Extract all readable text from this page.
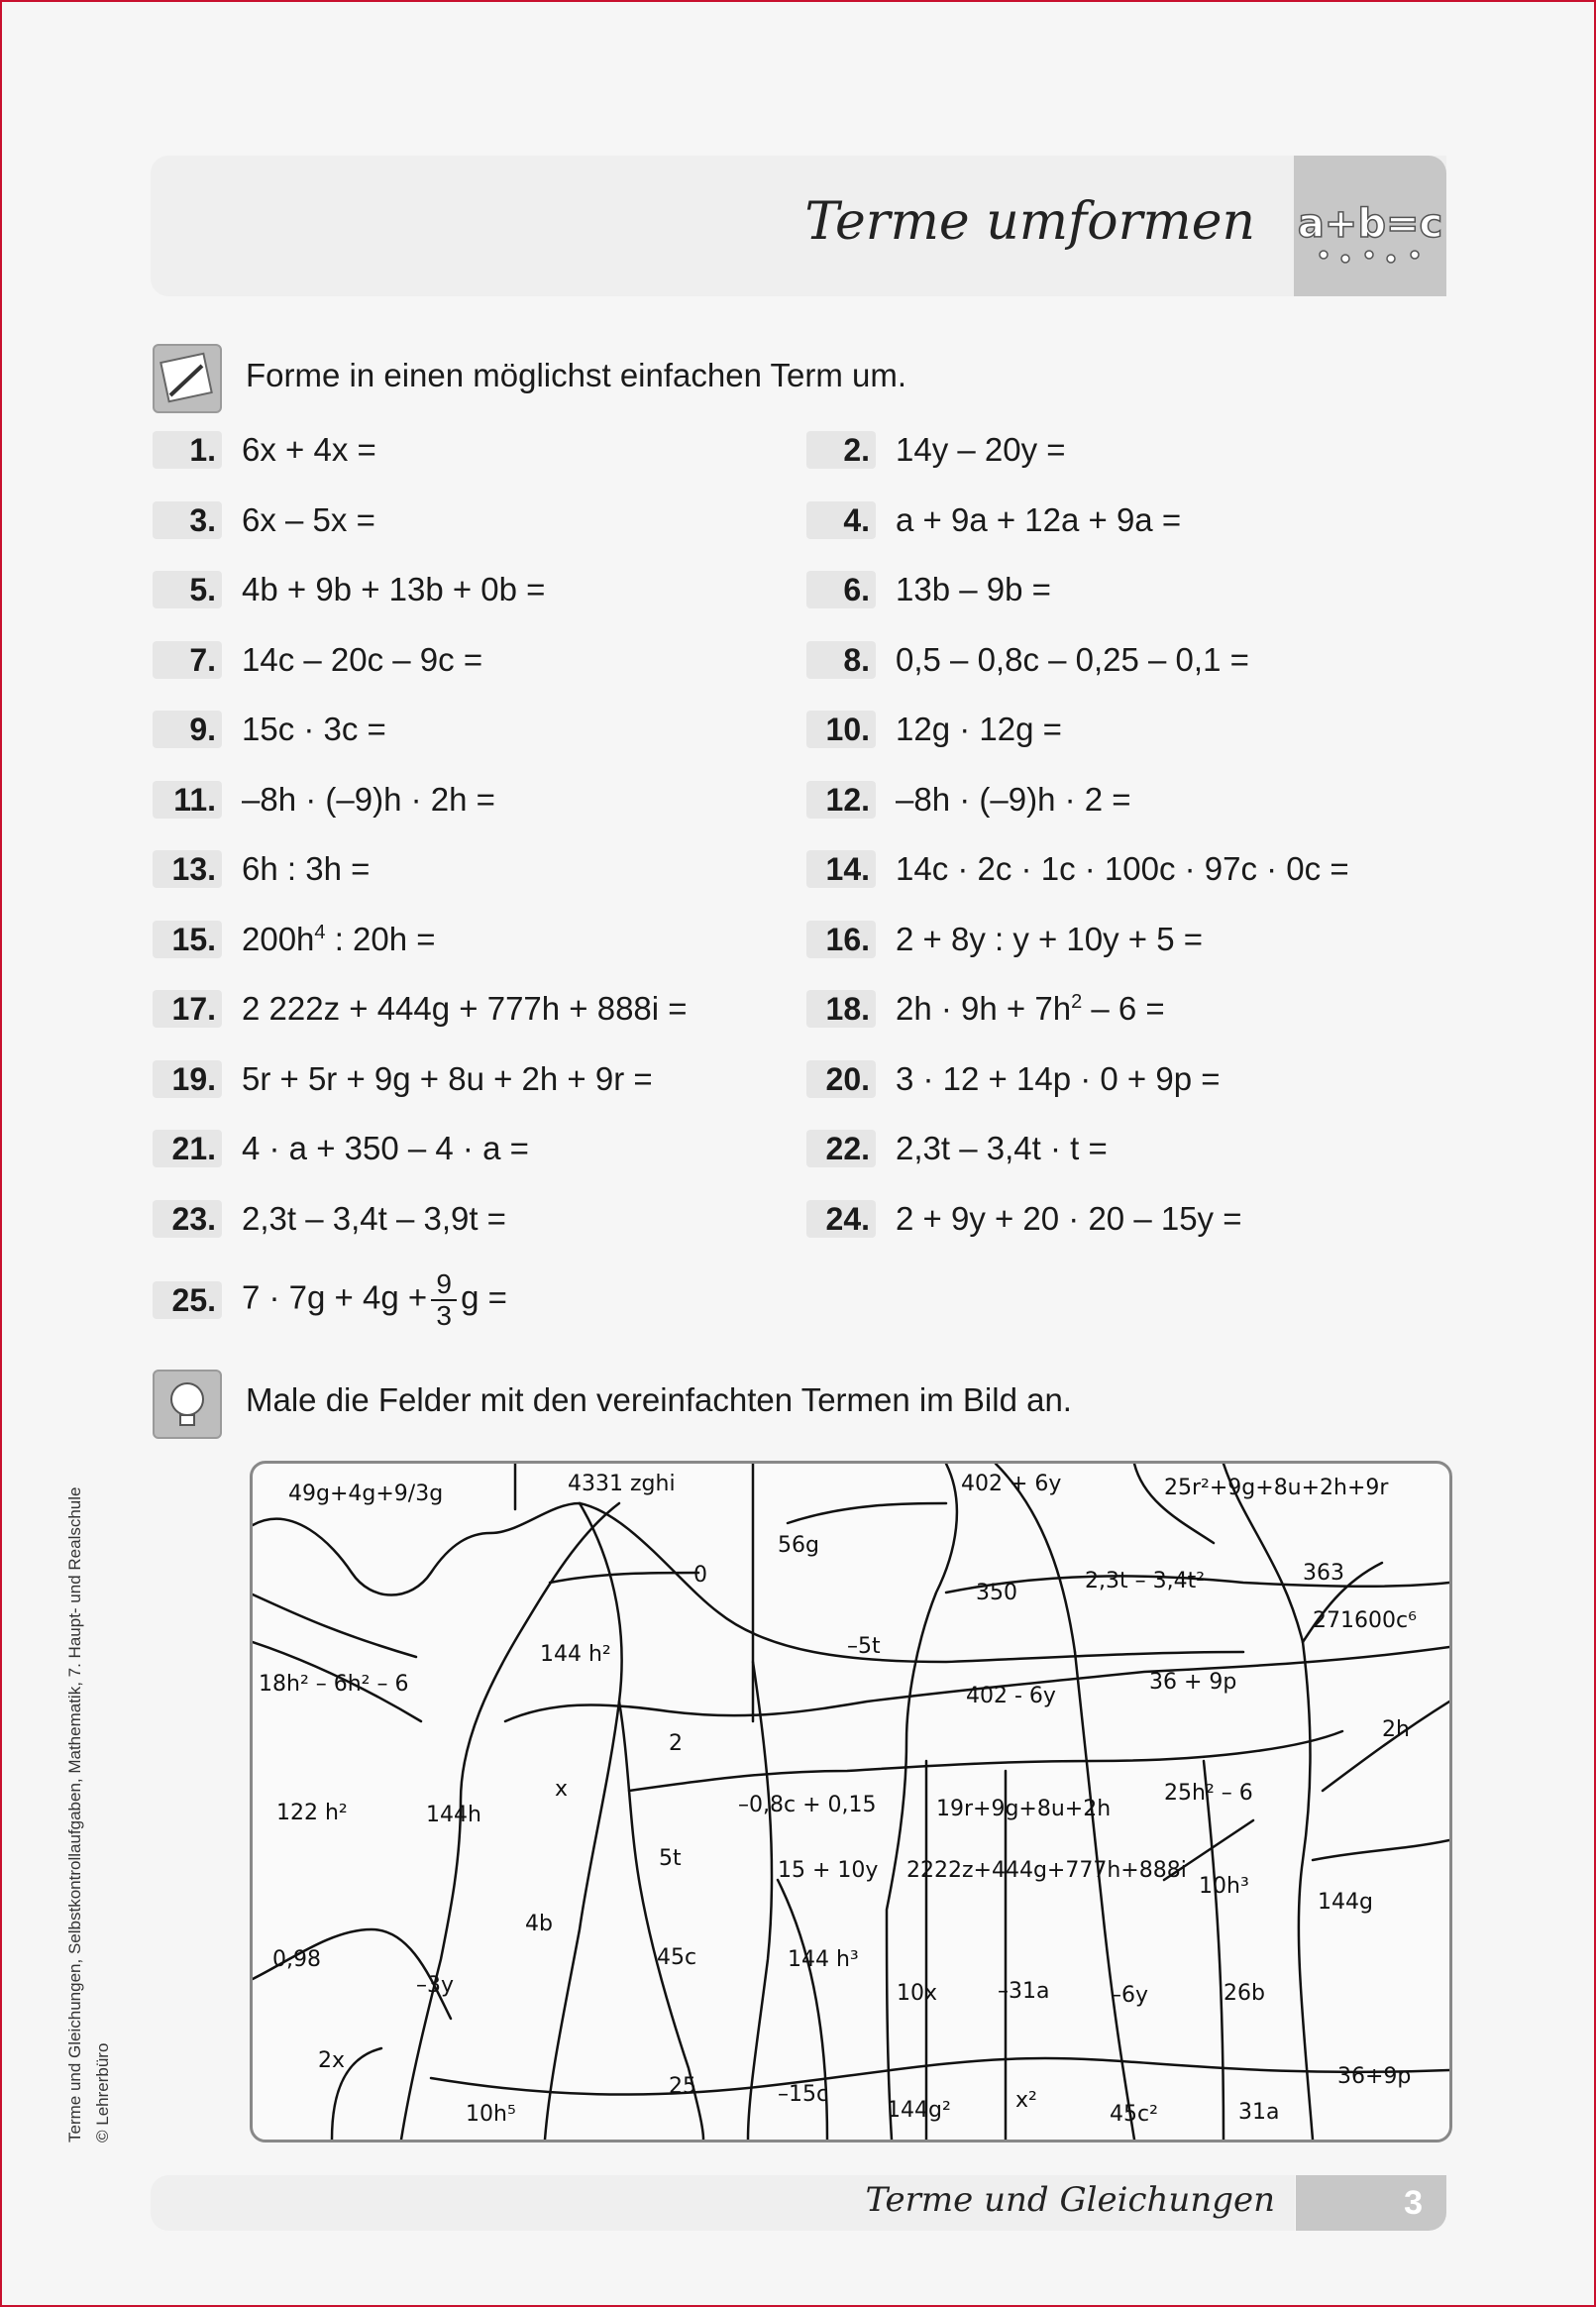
Terme umformen a+b=c
Forme in einen möglichst einfachen Term um.
1. 6x + 4x =	2. 14y – 20y =
3. 6x – 5x =	4. a + 9a + 12a + 9a =
5. 4b + 9b + 13b + 0b =	6. 13b – 9b =
7. 14c – 20c – 9c =	8. 0,5 – 0,8c – 0,25 – 0,1 =
9. 15c · 3c =	10. 12g · 12g =
11. –8h · (–9)h · 2h =	12. –8h · (–9)h · 2 =
13. 6h : 3h =	14. 14c · 2c · 1c · 100c · 97c · 0c =
15. $200h^4$ : 20h =	16. 2 + 8y : y + 10y + 5 =
17. 2 222z + 444g + 777h + 888i =	18. $2h \cdot 9h + 7h^2 - 6$ =
19. 5r + 5r + 9g + 8u + 2h + 9r =	20. 3 · 12 + 14p · 0 + 9p =
21. 4 · a + 350 – 4 · a =	22. 2,3t – 3,4t · t =
23. 2,3t – 3,4t – 3,9t =	24. 2 + 9y + 20 · 20 – 15y =
25. $7 \cdot 7g + 4g + \frac{9}{3}$ g =
Male die Felder mit den vereinfachten Termen im Bild an.
49g+4g+9/3g	4331 zghi	402 + 6y	25r²+9g+8u+2h+9r
0
56g
350	2,3t – 3,4t²	363
271600c⁶
18h² – 6h² – 6
144 h²	–5t
36 + 9p
402 - 6y
2h
2
x
–0,8c + 0,15	19r+9g+8u+2h
25h² – 6
122 h²	144h
5t	15 + 10y 2222z+444g+777h+888i
10h³
144g
4b
45c	144 h³
0,98
–3y	10x	–31a	–6y	26b
2x
25
10h⁵
–15c
144g²	x²
45c²	31a
36+9p
Terme und Gleichungen, Selbstkontrollaufgaben, Mathematik, 7. Haupt- und Realschule © Lehrerbüro
Terme und Gleichungen	3
